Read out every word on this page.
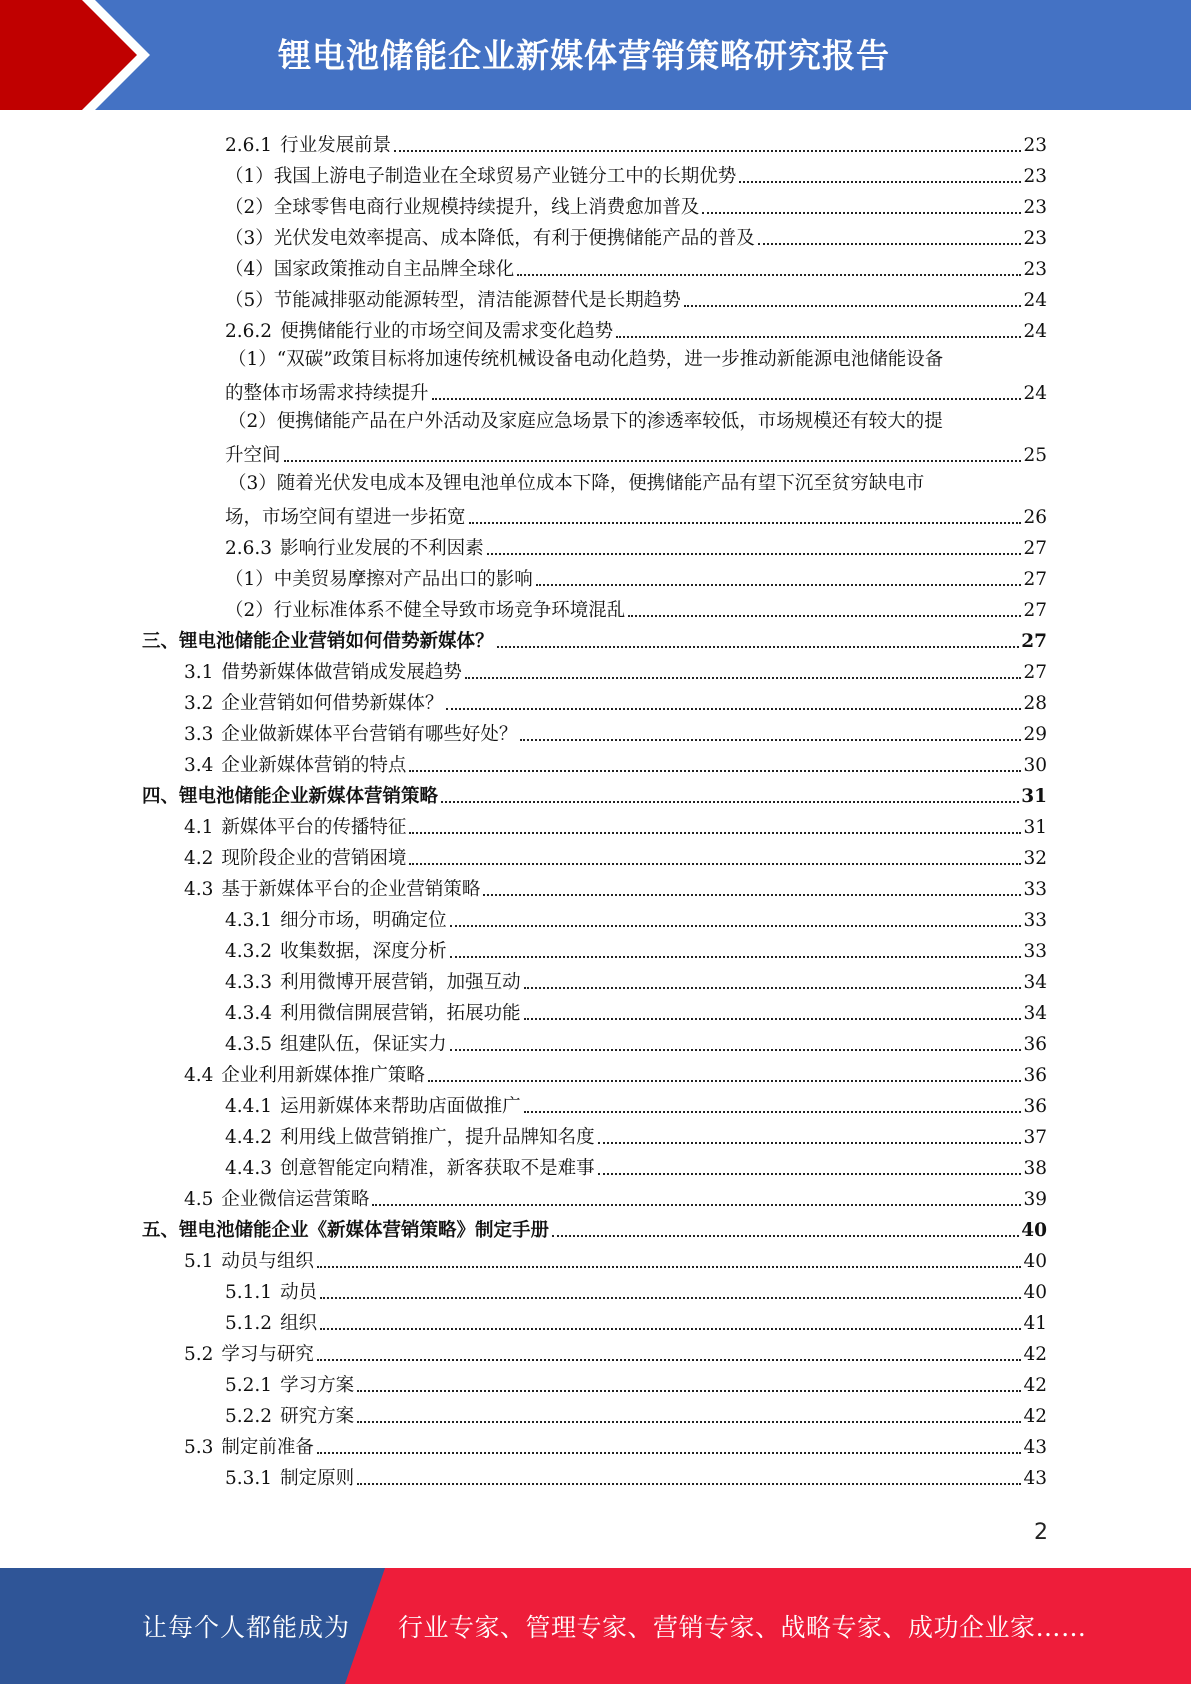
锂电池储能企业新媒体营销策略研究报告
2.6.1 行业发展前景	23
（1）我国上游电子制造业在全球贸易产业链分工中的长期优势	23
（2）全球零售电商行业规模持续提升，线上消费愈加普及	23
（3）光伏发电效率提高、成本降低，有利于便携储能产品的普及	23
（4）国家政策推动自主品牌全球化	23
（5）节能减排驱动能源转型，清洁能源替代是长期趋势	24
2.6.2 便携储能行业的市场空间及需求变化趋势	24
（1）“双碳”政策目标将加速传统机械设备电动化趋势，进一步推动新能源电池储能设备
的整体市场需求持续提升	24
（2）便携储能产品在户外活动及家庭应急场景下的渗透率较低，市场规模还有较大的提
升空间	25
（3）随着光伏发电成本及锂电池单位成本下降，便携储能产品有望下沉至贫穷缺电市
场，市场空间有望进一步拓宽	26
2.6.3 影响行业发展的不利因素	27
（1）中美贸易摩擦对产品出口的影响	27
（2）行业标准体系不健全导致市场竞争环境混乱	27
三、锂电池储能企业营销如何借势新媒体？	27
3.1 借势新媒体做营销成发展趋势	27
3.2 企业营销如何借势新媒体？	28
3.3 企业做新媒体平台营销有哪些好处？	29
3.4 企业新媒体营销的特点	30
四、锂电池储能企业新媒体营销策略	31
4.1 新媒体平台的传播特征	31
4.2 现阶段企业的营销困境	32
4.3 基于新媒体平台的企业营销策略	33
4.3.1 细分市场，明确定位	33
4.3.2 收集数据，深度分析	33
4.3.3 利用微博开展营销，加强互动	34
4.3.4 利用微信開展营销，拓展功能	34
4.3.5 组建队伍，保证实力	36
4.4 企业利用新媒体推广策略	36
4.4.1 运用新媒体来帮助店面做推广	36
4.4.2 利用线上做营销推广，提升品牌知名度	37
4.4.3 创意智能定向精准，新客获取不是难事	38
4.5 企业微信运营策略	39
五、锂电池储能企业《新媒体营销策略》制定手册	40
5.1 动员与组织	40
5.1.1 动员	40
5.1.2 组织	41
5.2 学习与研究	42
5.2.1 学习方案	42
5.2.2 研究方案	42
5.3 制定前准备	43
5.3.1 制定原则	43
2
让每个人都能成为 行业专家、管理专家、营销专家、战略专家、成功企业家……
